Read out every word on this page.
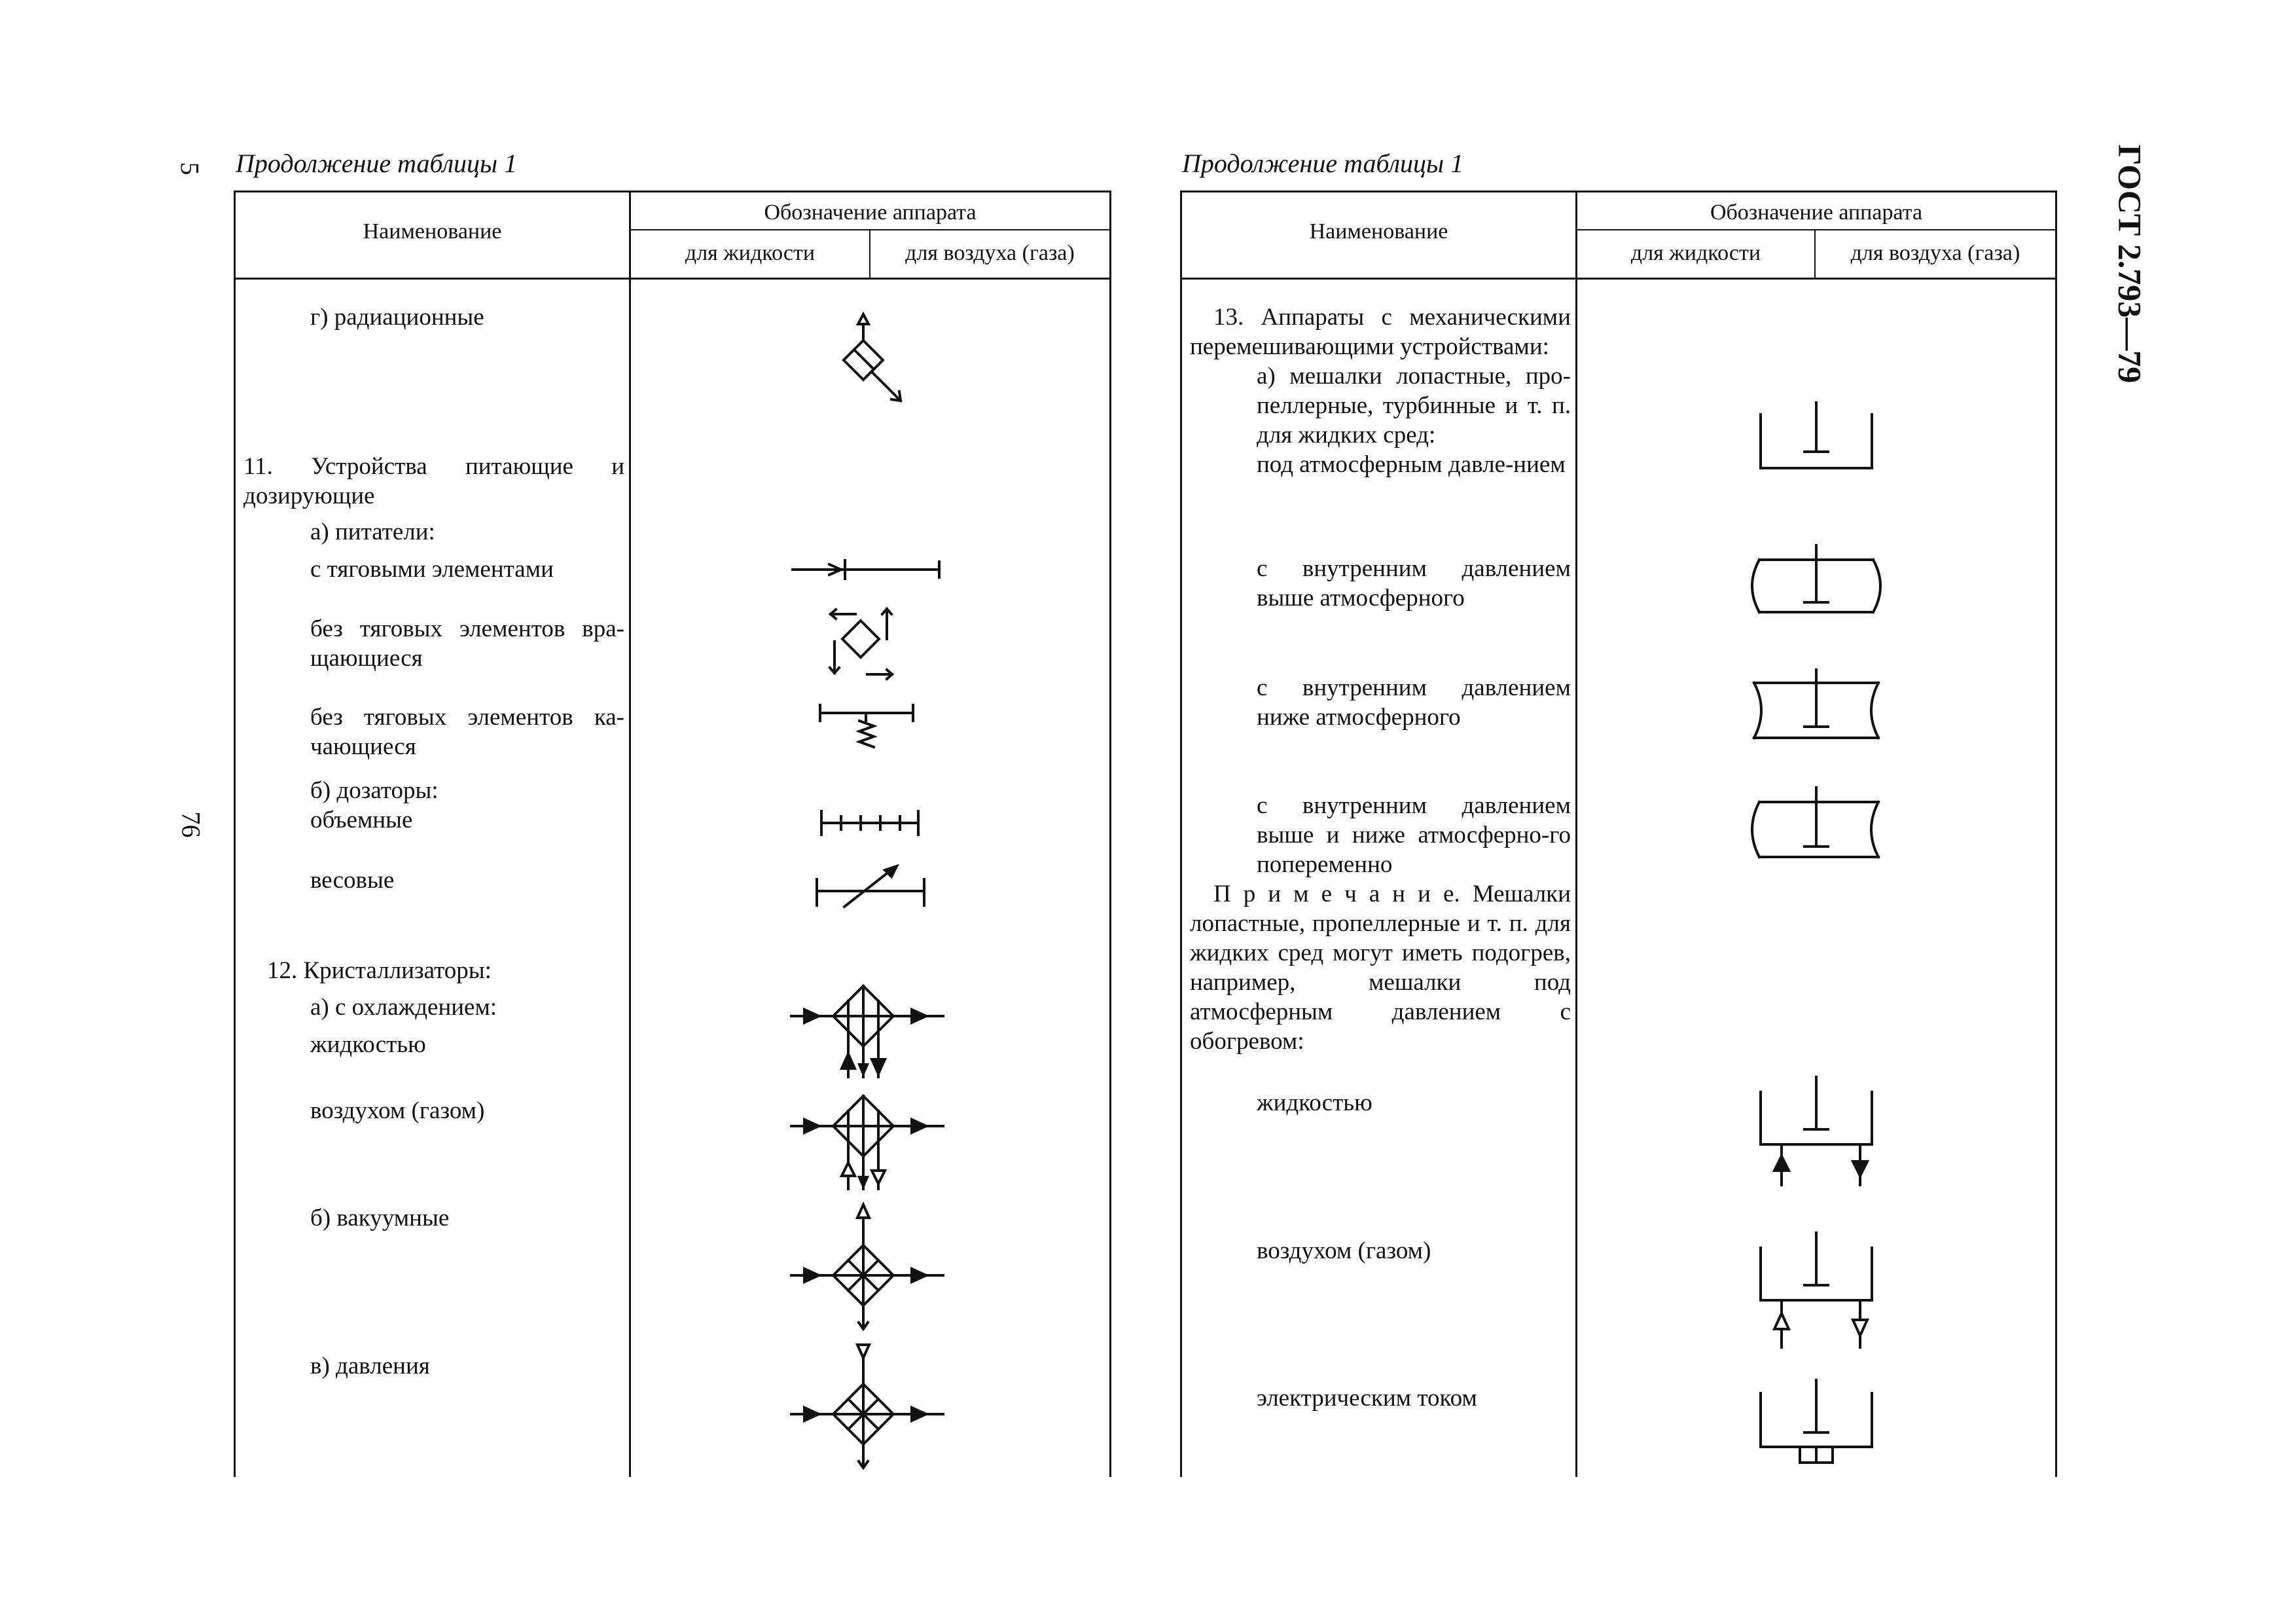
5
76
ГОСТ 2.793—79
Продолжение таблицы 1	Продолжение таблицы 1
Наименование
Обозначение аппарата
для жидкости	для воздуха (газа)
г) радиационные
11. Устройства питающие и дозирующие
а) питатели:
с тяговыми элементами
без тяговых элементов вра-щающиеся
без тяговых элементов ка-чающиеся
б) дозаторы:
объемные
весовые
12. Кристаллизаторы:
а) с охлаждением:
жидкостью
воздухом (газом)
б) вакуумные
в) давления
Наименование
Обозначение аппарата
для жидкости	для воздуха (газа)
13. Аппараты с механическими перемешивающими устройствами:
а) мешалки лопастные, про-пеллерные, турбинные и т. п. для жидких сред:
под атмосферным давле-нием
с внутренним давлением выше атмосферного
с внутренним давлением ниже атмосферного
с внутренним давлением выше и ниже атмосферно-го попеременно
П р и м е ч а н и е. Мешалки лопастные, пропеллерные и т. п. для жидких сред могут иметь подогрев, например, мешалки под атмосферным давлением с обогревом:
жидкостью
воздухом (газом)
электрическим током
